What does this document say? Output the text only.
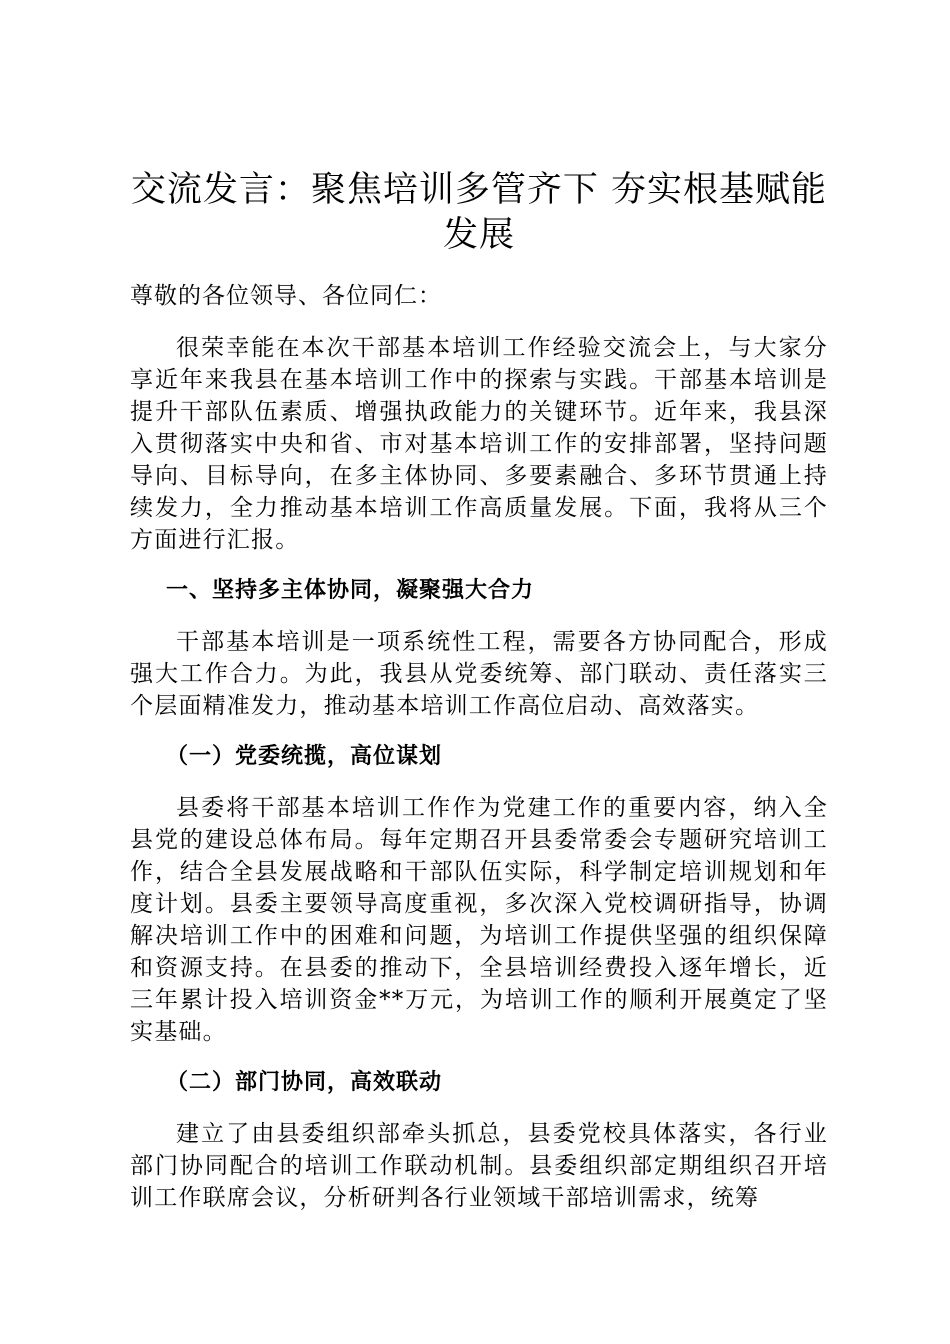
交流发言：聚焦培训多管齐下 夯实根基赋能发展

尊敬的各位领导、各位同仁：

很荣幸能在本次干部基本培训工作经验交流会上，与大家分享近年来我县在基本培训工作中的探索与实践。干部基本培训是提升干部队伍素质、增强执政能力的关键环节。近年来，我县深入贯彻落实中央和省、市对基本培训工作的安排部署，坚持问题导向、目标导向，在多主体协同、多要素融合、多环节贯通上持续发力，全力推动基本培训工作高质量发展。下面，我将从三个方面进行汇报。

一、坚持多主体协同，凝聚强大合力

干部基本培训是一项系统性工程，需要各方协同配合，形成强大工作合力。为此，我县从党委统筹、部门联动、责任落实三个层面精准发力，推动基本培训工作高位启动、高效落实。

（一）党委统揽，高位谋划

县委将干部基本培训工作作为党建工作的重要内容，纳入全县党的建设总体布局。每年定期召开县委常委会专题研究培训工作，结合全县发展战略和干部队伍实际，科学制定培训规划和年度计划。县委主要领导高度重视，多次深入党校调研指导，协调解决培训工作中的困难和问题，为培训工作提供坚强的组织保障和资源支持。在县委的推动下，全县培训经费投入逐年增长，近三年累计投入培训资金**万元，为培训工作的顺利开展奠定了坚实基础。

（二）部门协同，高效联动

建立了由县委组织部牵头抓总，县委党校具体落实，各行业部门协同配合的培训工作联动机制。县委组织部定期组织召开培训工作联席会议，分析研判各行业领域干部培训需求，统筹
